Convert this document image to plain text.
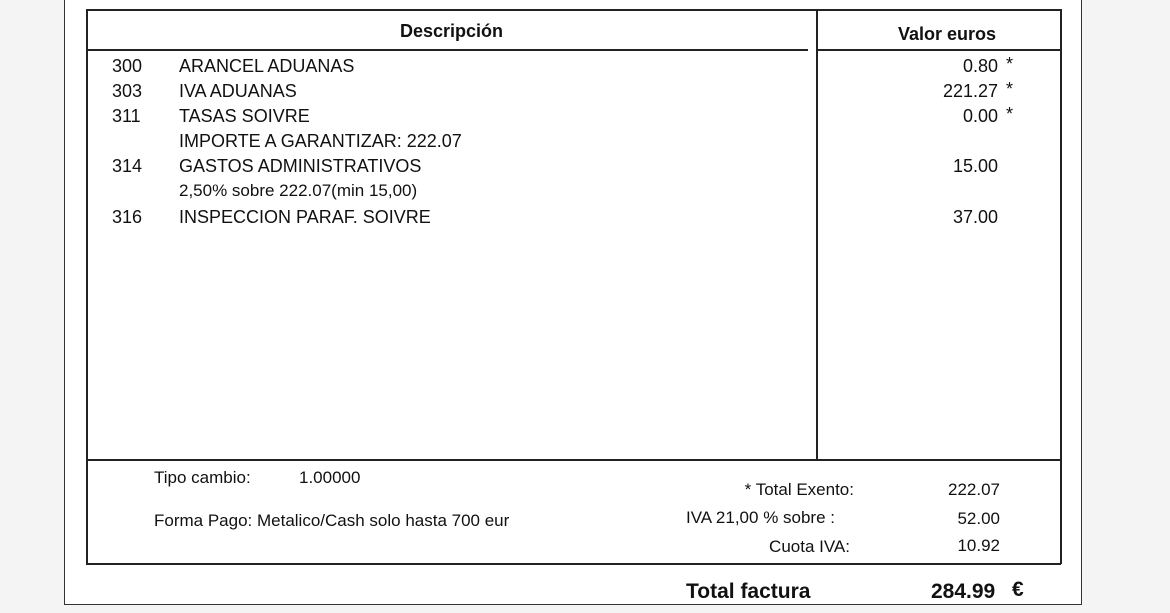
Descripción	Valor euros
300 ARANCEL ADUANAS	0.80 *
303 IVA ADUANAS	221.27 *
311 TASAS SOIVRE	0.00 *
IMPORTE A GARANTIZAR: 222.07
314 GASTOS ADMINISTRATIVOS	15.00
2,50% sobre 222.07(min 15,00)
316 INSPECCION PARAF. SOIVRE	37.00
Tipo cambio:	1.00000
Forma Pago: Metalico/Cash solo hasta 700 eur
* Total Exento:	222.07
IVA 21,00 % sobre :	52.00
Cuota IVA:	10.92
Total factura	284.99 €
